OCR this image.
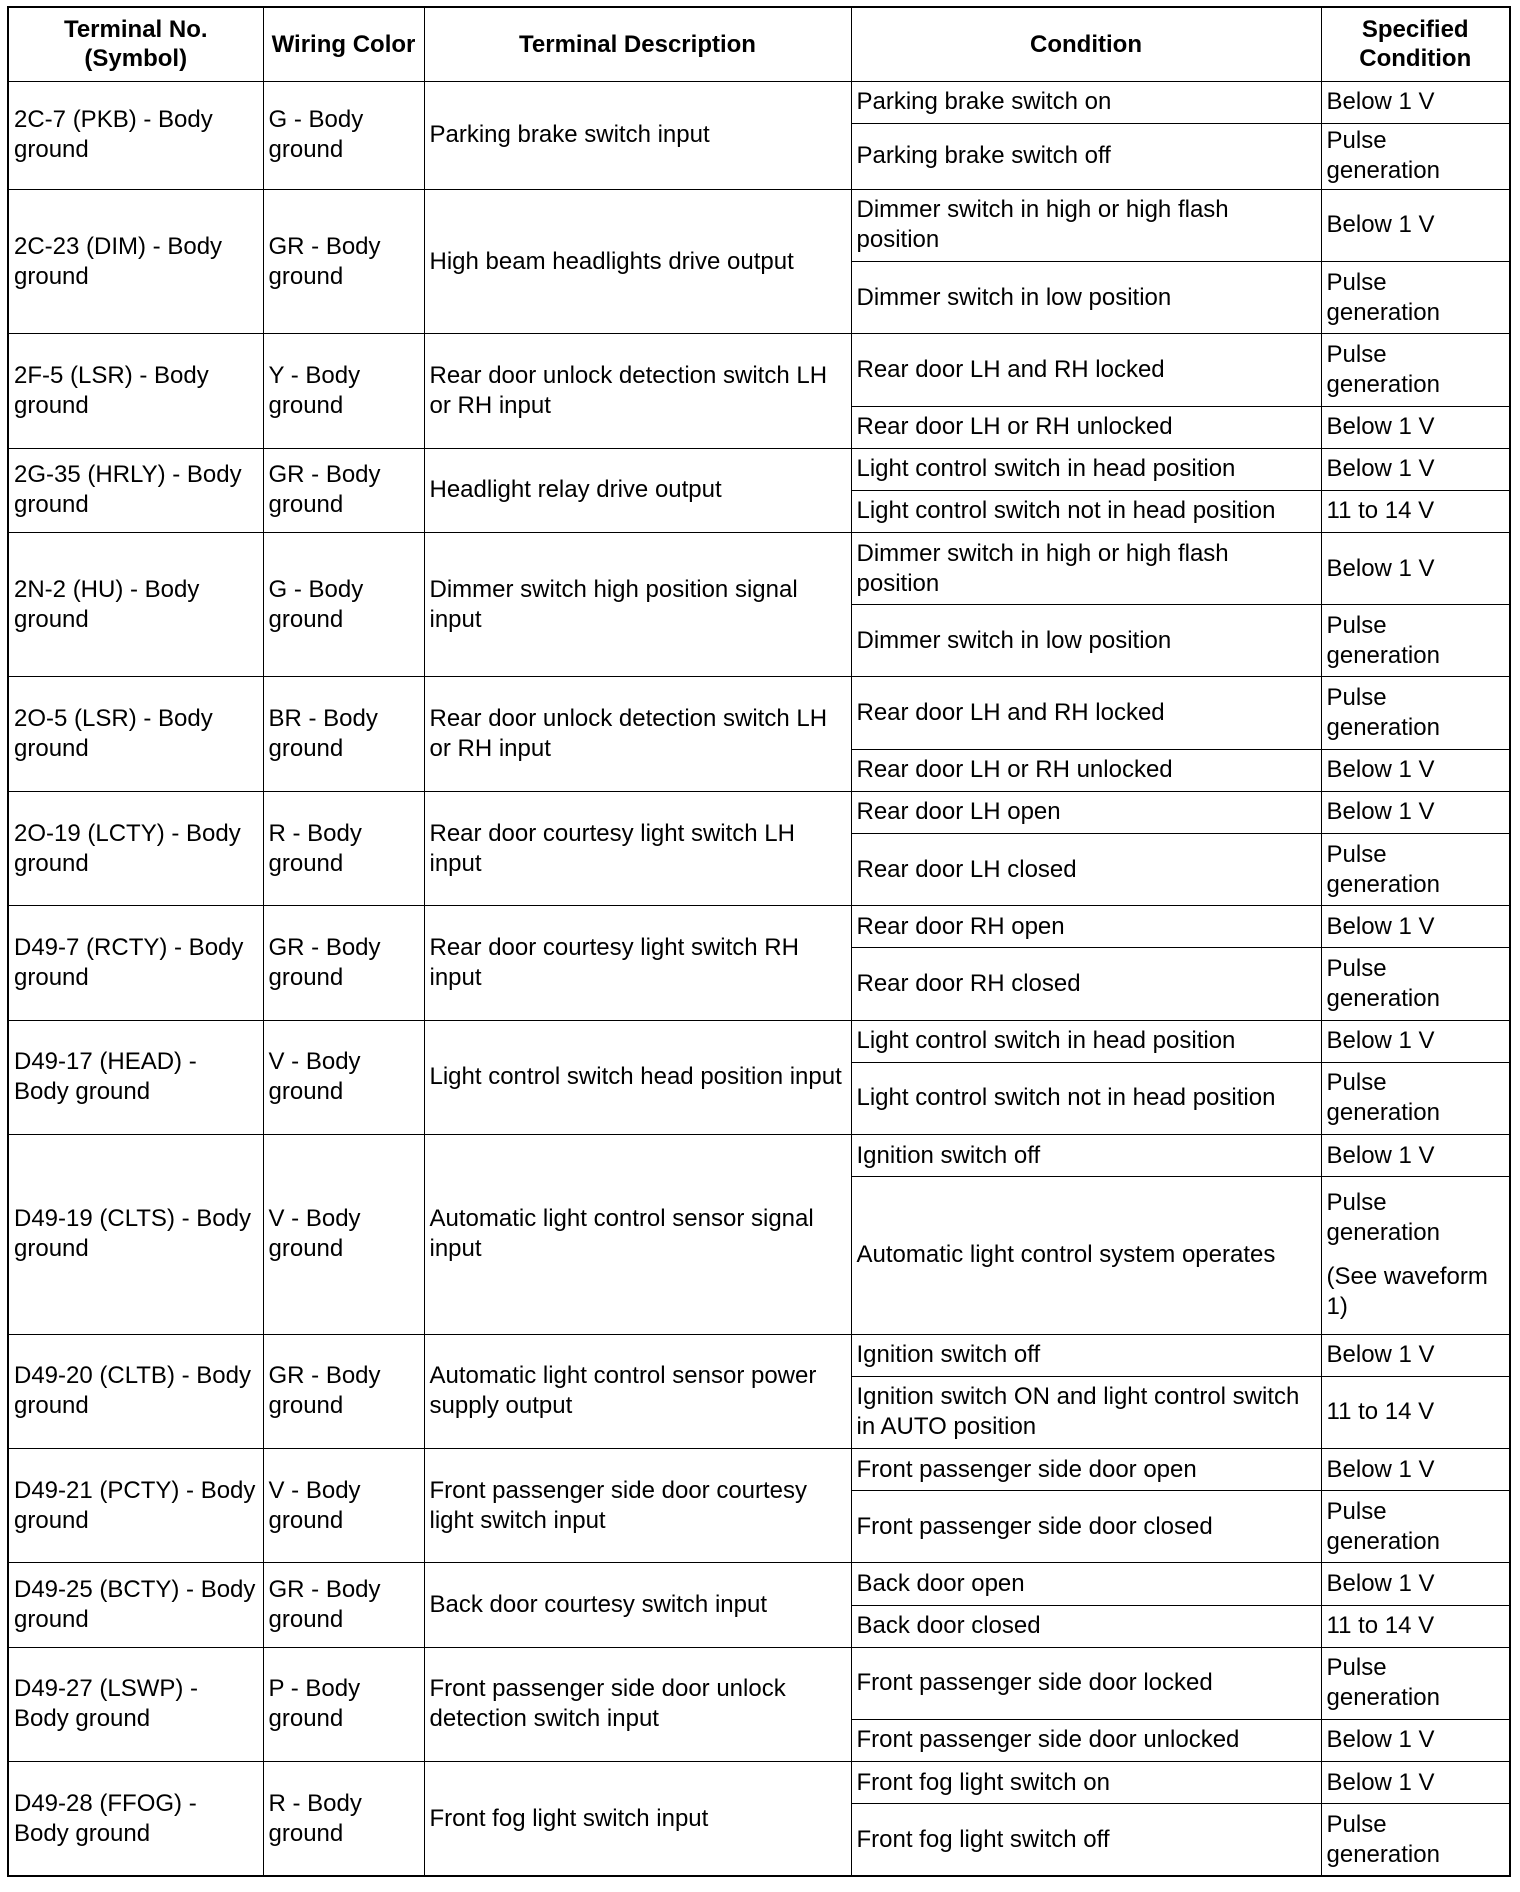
Terminal No. (Symbol)	Wiring Color	Terminal Description	Condition	Specified Condition
2C-7 (PKB) - Body ground	G - Body ground	Parking brake switch input	Parking brake switch on	Below 1 V
			Parking brake switch off	Pulse generation
2C-23 (DIM) - Body ground	GR - Body ground	High beam headlights drive output	Dimmer switch in high or high flash position	Below 1 V
			Dimmer switch in low position	Pulse generation
2F-5 (LSR) - Body ground	Y - Body ground	Rear door unlock detection switch LH or RH input	Rear door LH and RH locked	Pulse generation
			Rear door LH or RH unlocked	Below 1 V
2G-35 (HRLY) - Body ground	GR - Body ground	Headlight relay drive output	Light control switch in head position	Below 1 V
			Light control switch not in head position	11 to 14 V
2N-2 (HU) - Body ground	G - Body ground	Dimmer switch high position signal input	Dimmer switch in high or high flash position	Below 1 V
			Dimmer switch in low position	Pulse generation
2O-5 (LSR) - Body ground	BR - Body ground	Rear door unlock detection switch LH or RH input	Rear door LH and RH locked	Pulse generation
			Rear door LH or RH unlocked	Below 1 V
2O-19 (LCTY) - Body ground	R - Body ground	Rear door courtesy light switch LH input	Rear door LH open	Below 1 V
			Rear door LH closed	Pulse generation
D49-7 (RCTY) - Body ground	GR - Body ground	Rear door courtesy light switch RH input	Rear door RH open	Below 1 V
			Rear door RH closed	Pulse generation
D49-17 (HEAD) - Body ground	V - Body ground	Light control switch head position input	Light control switch in head position	Below 1 V
			Light control switch not in head position	Pulse generation
D49-19 (CLTS) - Body ground	V - Body ground	Automatic light control sensor signal input	Ignition switch off	Below 1 V
			Automatic light control system operates	Pulse generation
(See waveform 1)

D49-20 (CLTB) - Body ground	GR - Body ground	Automatic light control sensor power supply output	Ignition switch off	Below 1 V
			Ignition switch ON and light control switch in AUTO position	11 to 14 V
D49-21 (PCTY) - Body ground	V - Body ground	Front passenger side door courtesy light switch input	Front passenger side door open	Below 1 V
			Front passenger side door closed	Pulse generation
D49-25 (BCTY) - Body ground	GR - Body ground	Back door courtesy switch input	Back door open	Below 1 V
			Back door closed	11 to 14 V
D49-27 (LSWP) - Body ground	P - Body ground	Front passenger side door unlock detection switch input	Front passenger side door locked	Pulse generation
			Front passenger side door unlocked	Below 1 V
D49-28 (FFOG) - Body ground	R - Body ground	Front fog light switch input	Front fog light switch on	Below 1 V
			Front fog light switch off	Pulse generation
